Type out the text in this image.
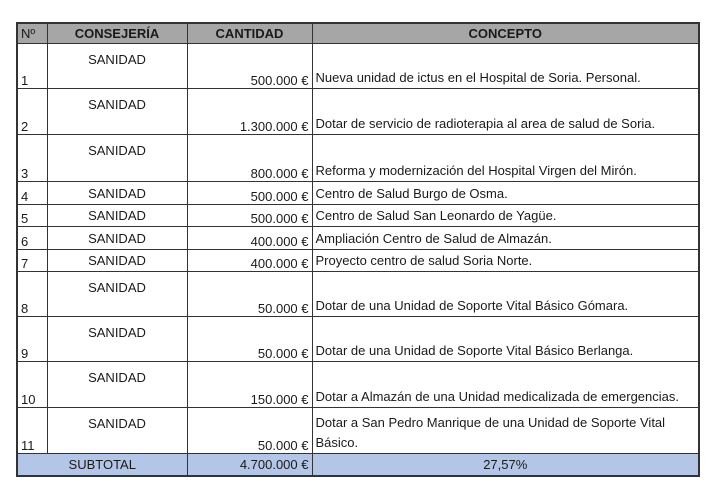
Nº	CONSEJERÍA	CANTIDAD	CONCEPTO
1	SANIDAD	500.000 €	Nueva unidad de ictus en el Hospital de Soria. Personal.
2	SANIDAD	1.300.000 €	Dotar de servicio de radioterapia al area de salud de Soria.
3	SANIDAD	800.000 €	Reforma y modernización del Hospital Virgen del Mirón.
4	SANIDAD	500.000 €	Centro de Salud Burgo de Osma.
5	SANIDAD	500.000 €	Centro de Salud San Leonardo de Yagüe.
6	SANIDAD	400.000 €	Ampliación Centro de Salud de Almazán.
7	SANIDAD	400.000 €	Proyecto centro de salud Soria Norte.
8	SANIDAD	50.000 €	Dotar de una Unidad de Soporte Vital Básico Gómara.
9	SANIDAD	50.000 €	Dotar de una Unidad de Soporte Vital Básico Berlanga.
10	SANIDAD	150.000 €	Dotar a Almazán de una Unidad medicalizada de emergencias.
11	SANIDAD	50.000 €	Dotar a San Pedro Manrique de una Unidad de Soporte Vital Básico.
SUBTOTAL		4.700.000 €	27,57%
